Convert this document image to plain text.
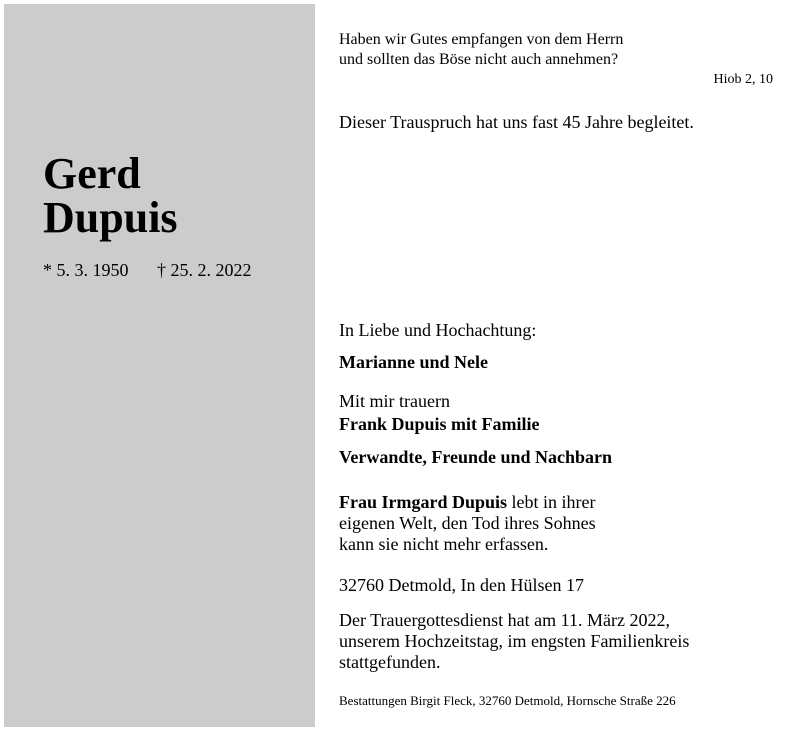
Gerd
Dupuis
* 5. 3. 1950 † 25. 2. 2022
Haben wir Gutes empfangen von dem Herrn
und sollten das Böse nicht auch annehmen?
Hiob 2, 10
Dieser Trauspruch hat uns fast 45 Jahre begleitet.
In Liebe und Hochachtung:
Marianne und Nele
Mit mir trauern
Frank Dupuis mit Familie
Verwandte, Freunde und Nachbarn
Frau Irmgard Dupuis lebt in ihrer
eigenen Welt, den Tod ihres Sohnes
kann sie nicht mehr erfassen.
32760 Detmold, In den Hülsen 17
Der Trauergottesdienst hat am 11. März 2022,
unserem Hochzeitstag, im engsten Familienkreis
stattgefunden.
Bestattungen Birgit Fleck, 32760 Detmold, Hornsche Straße 226
